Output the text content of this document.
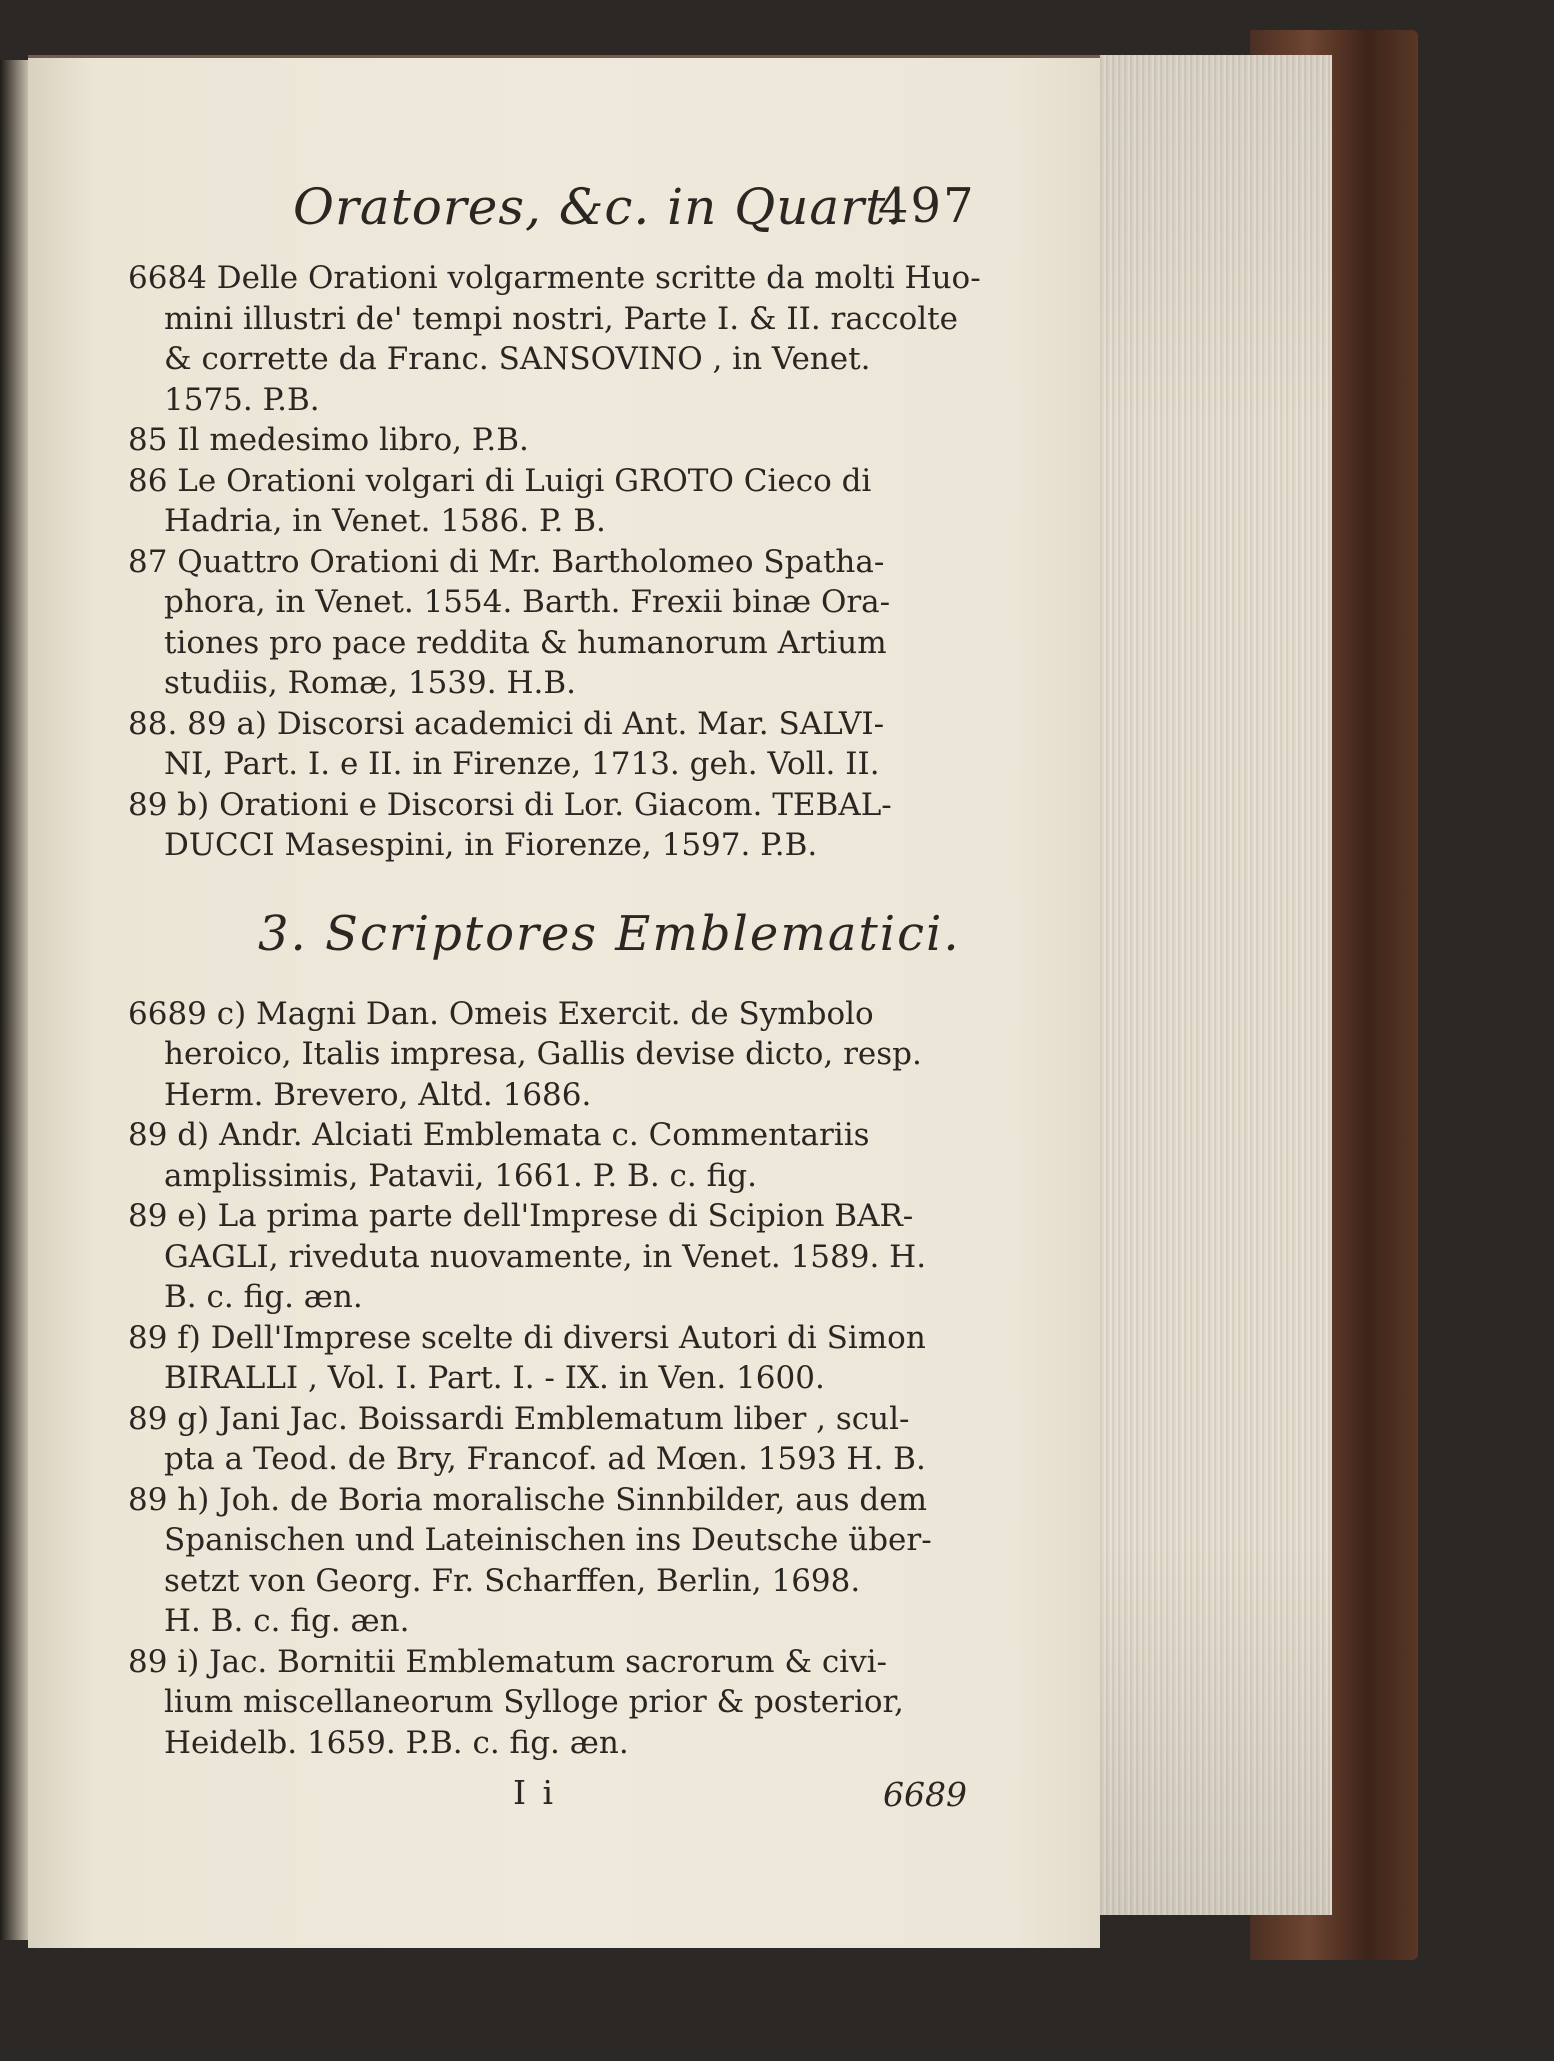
Oratores, &c. in Quart.
497
6684 Delle Orationi volgarmente scritte da molti Huo-
mini illustri de' tempi nostri, Parte I. & II. raccolte
& corrette da Franc. SANSOVINO , in Venet.
1575. P.B.
85 Il medesimo libro, P.B.
86 Le Orationi volgari di Luigi GROTO Cieco di
Hadria, in Venet. 1586. P. B.
87 Quattro Orationi di Mr. Bartholomeo Spatha-
phora, in Venet. 1554. Barth. Frexii binæ Ora-
tiones pro pace reddita & humanorum Artium
studiis, Romæ, 1539. H.B.
88. 89 a) Discorsi academici di Ant. Mar. SALVI-
NI, Part. I. e II. in Firenze, 1713. geh. Voll. II.
89 b) Orationi e Discorsi di Lor. Giacom. TEBAL-
DUCCI Masespini, in Fiorenze, 1597. P.B.
3. Scriptores Emblematici.
6689 c) Magni Dan. Omeis Exercit. de Symbolo
heroico, Italis impresa, Gallis devise dicto, resp.
Herm. Brevero, Altd. 1686.
89 d) Andr. Alciati Emblemata c. Commentariis
amplissimis, Patavii, 1661. P. B. c. fig.
89 e) La prima parte dell'Imprese di Scipion BAR-
GAGLI, riveduta nuovamente, in Venet. 1589. H.
B. c. fig. æn.
89 f) Dell'Imprese scelte di diversi Autori di Simon
BIRALLI , Vol. I. Part. I. - IX. in Ven. 1600.
89 g) Jani Jac. Boissardi Emblematum liber , scul-
pta a Teod. de Bry, Francof. ad Mœn. 1593 H. B.
89 h) Joh. de Boria moralische Sinnbilder, aus dem
Spanischen und Lateinischen ins Deutsche über-
setzt von Georg. Fr. Scharffen, Berlin, 1698.
H. B. c. fig. æn.
89 i) Jac. Bornitii Emblematum sacrorum & civi-
lium miscellaneorum Sylloge prior & posterior,
Heidelb. 1659. P.B. c. fig. æn.
I i	6689
